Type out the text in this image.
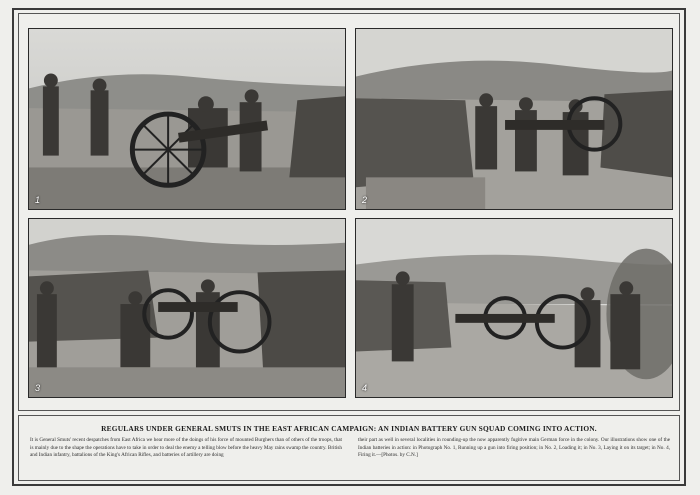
1	2
3	4
REGULARS UNDER GENERAL SMUTS IN THE EAST AFRICAN CAMPAIGN: AN INDIAN BATTERY GUN SQUAD COMING INTO ACTION.

It is General Smuts' recent despatches from East Africa we hear more of the doings of his force of mounted Burghers than of others of the troops, that is mainly due to the shape the operations have to take in order to deal the enemy a telling blow before the heavy May rains swamp the country. British and Indian infantry, battalions of the King's African Rifles, and batteries of artillery are doing

their part as well in several localities in rounding-up the now apparently fugitive main German force in the colony. Our illustrations show one of the Indian batteries in action: in Photograph No. 1, Running up a gun into firing position; in No. 2, Loading it; in No. 3, Laying it on its target; in No. 4, Firing it.—[Photos. by C.N.]
